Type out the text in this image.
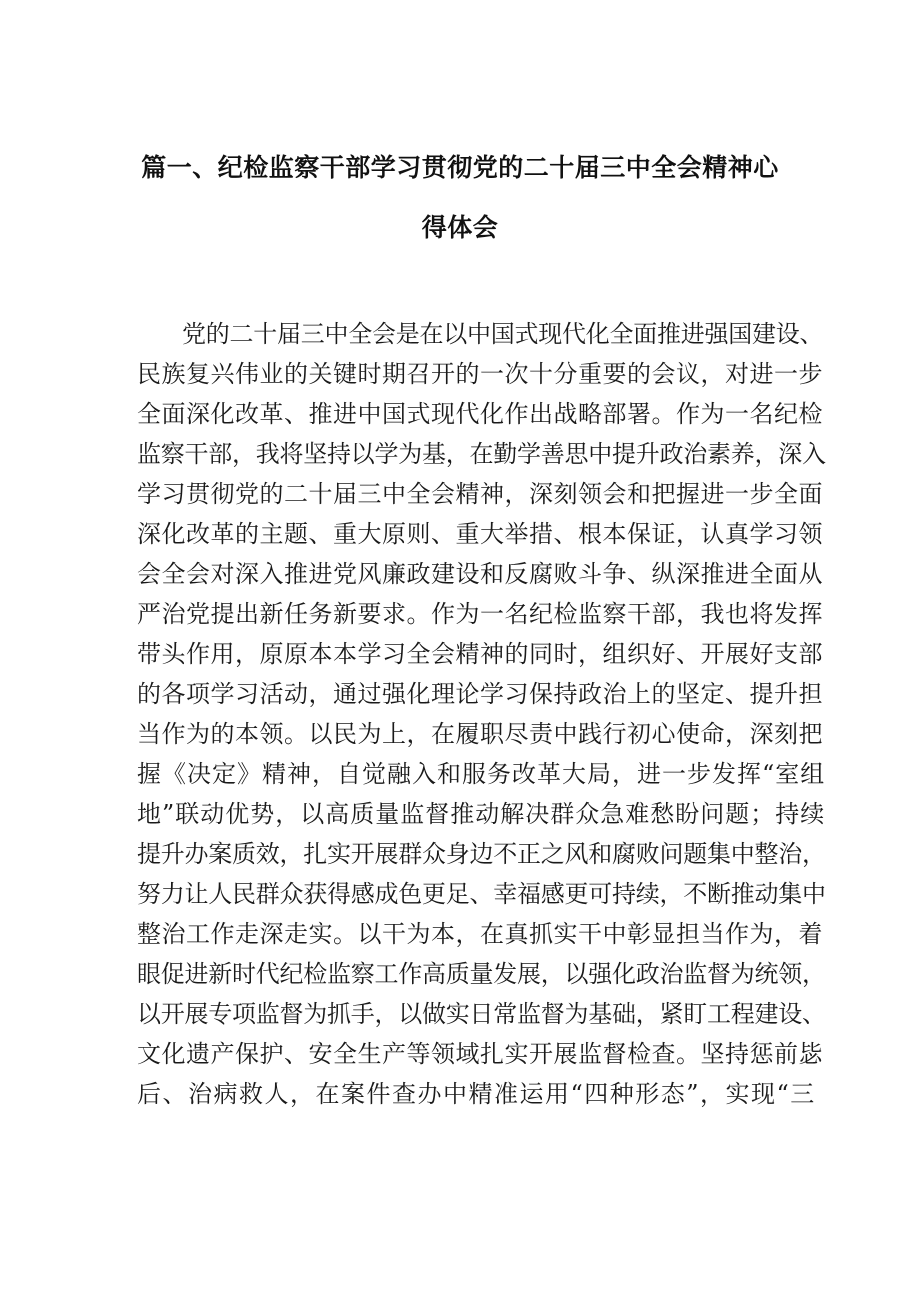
篇一、纪检监察干部学习贯彻党的二十届三中全会精神心
得体会
党的二十届三中全会是在以中国式现代化全面推进强国建设、
民族复兴伟业的关键时期召开的一次十分重要的会议，对进一步
全面深化改革、推进中国式现代化作出战略部署。作为一名纪检
监察干部，我将坚持以学为基，在勤学善思中提升政治素养，深入
学习贯彻党的二十届三中全会精神，深刻领会和把握进一步全面
深化改革的主题、重大原则、重大举措、根本保证，认真学习领
会全会对深入推进党风廉政建设和反腐败斗争、纵深推进全面从
严治党提出新任务新要求。作为一名纪检监察干部，我也将发挥
带头作用，原原本本学习全会精神的同时，组织好、开展好支部
的各项学习活动，通过强化理论学习保持政治上的坚定、提升担
当作为的本领。以民为上，在履职尽责中践行初心使命，深刻把
握《决定》精神，自觉融入和服务改革大局，进一步发挥“室组
地”联动优势，以高质量监督推动解决群众急难愁盼问题；持续
提升办案质效，扎实开展群众身边不正之风和腐败问题集中整治，
努力让人民群众获得感成色更足、幸福感更可持续，不断推动集中
整治工作走深走实。以干为本，在真抓实干中彰显担当作为，着
眼促进新时代纪检监察工作高质量发展，以强化政治监督为统领，
以开展专项监督为抓手，以做实日常监督为基础，紧盯工程建设、
文化遗产保护、安全生产等领域扎实开展监督检查。坚持惩前毖
后、治病救人，在案件查办中精准运用“四种形态”，实现“三
